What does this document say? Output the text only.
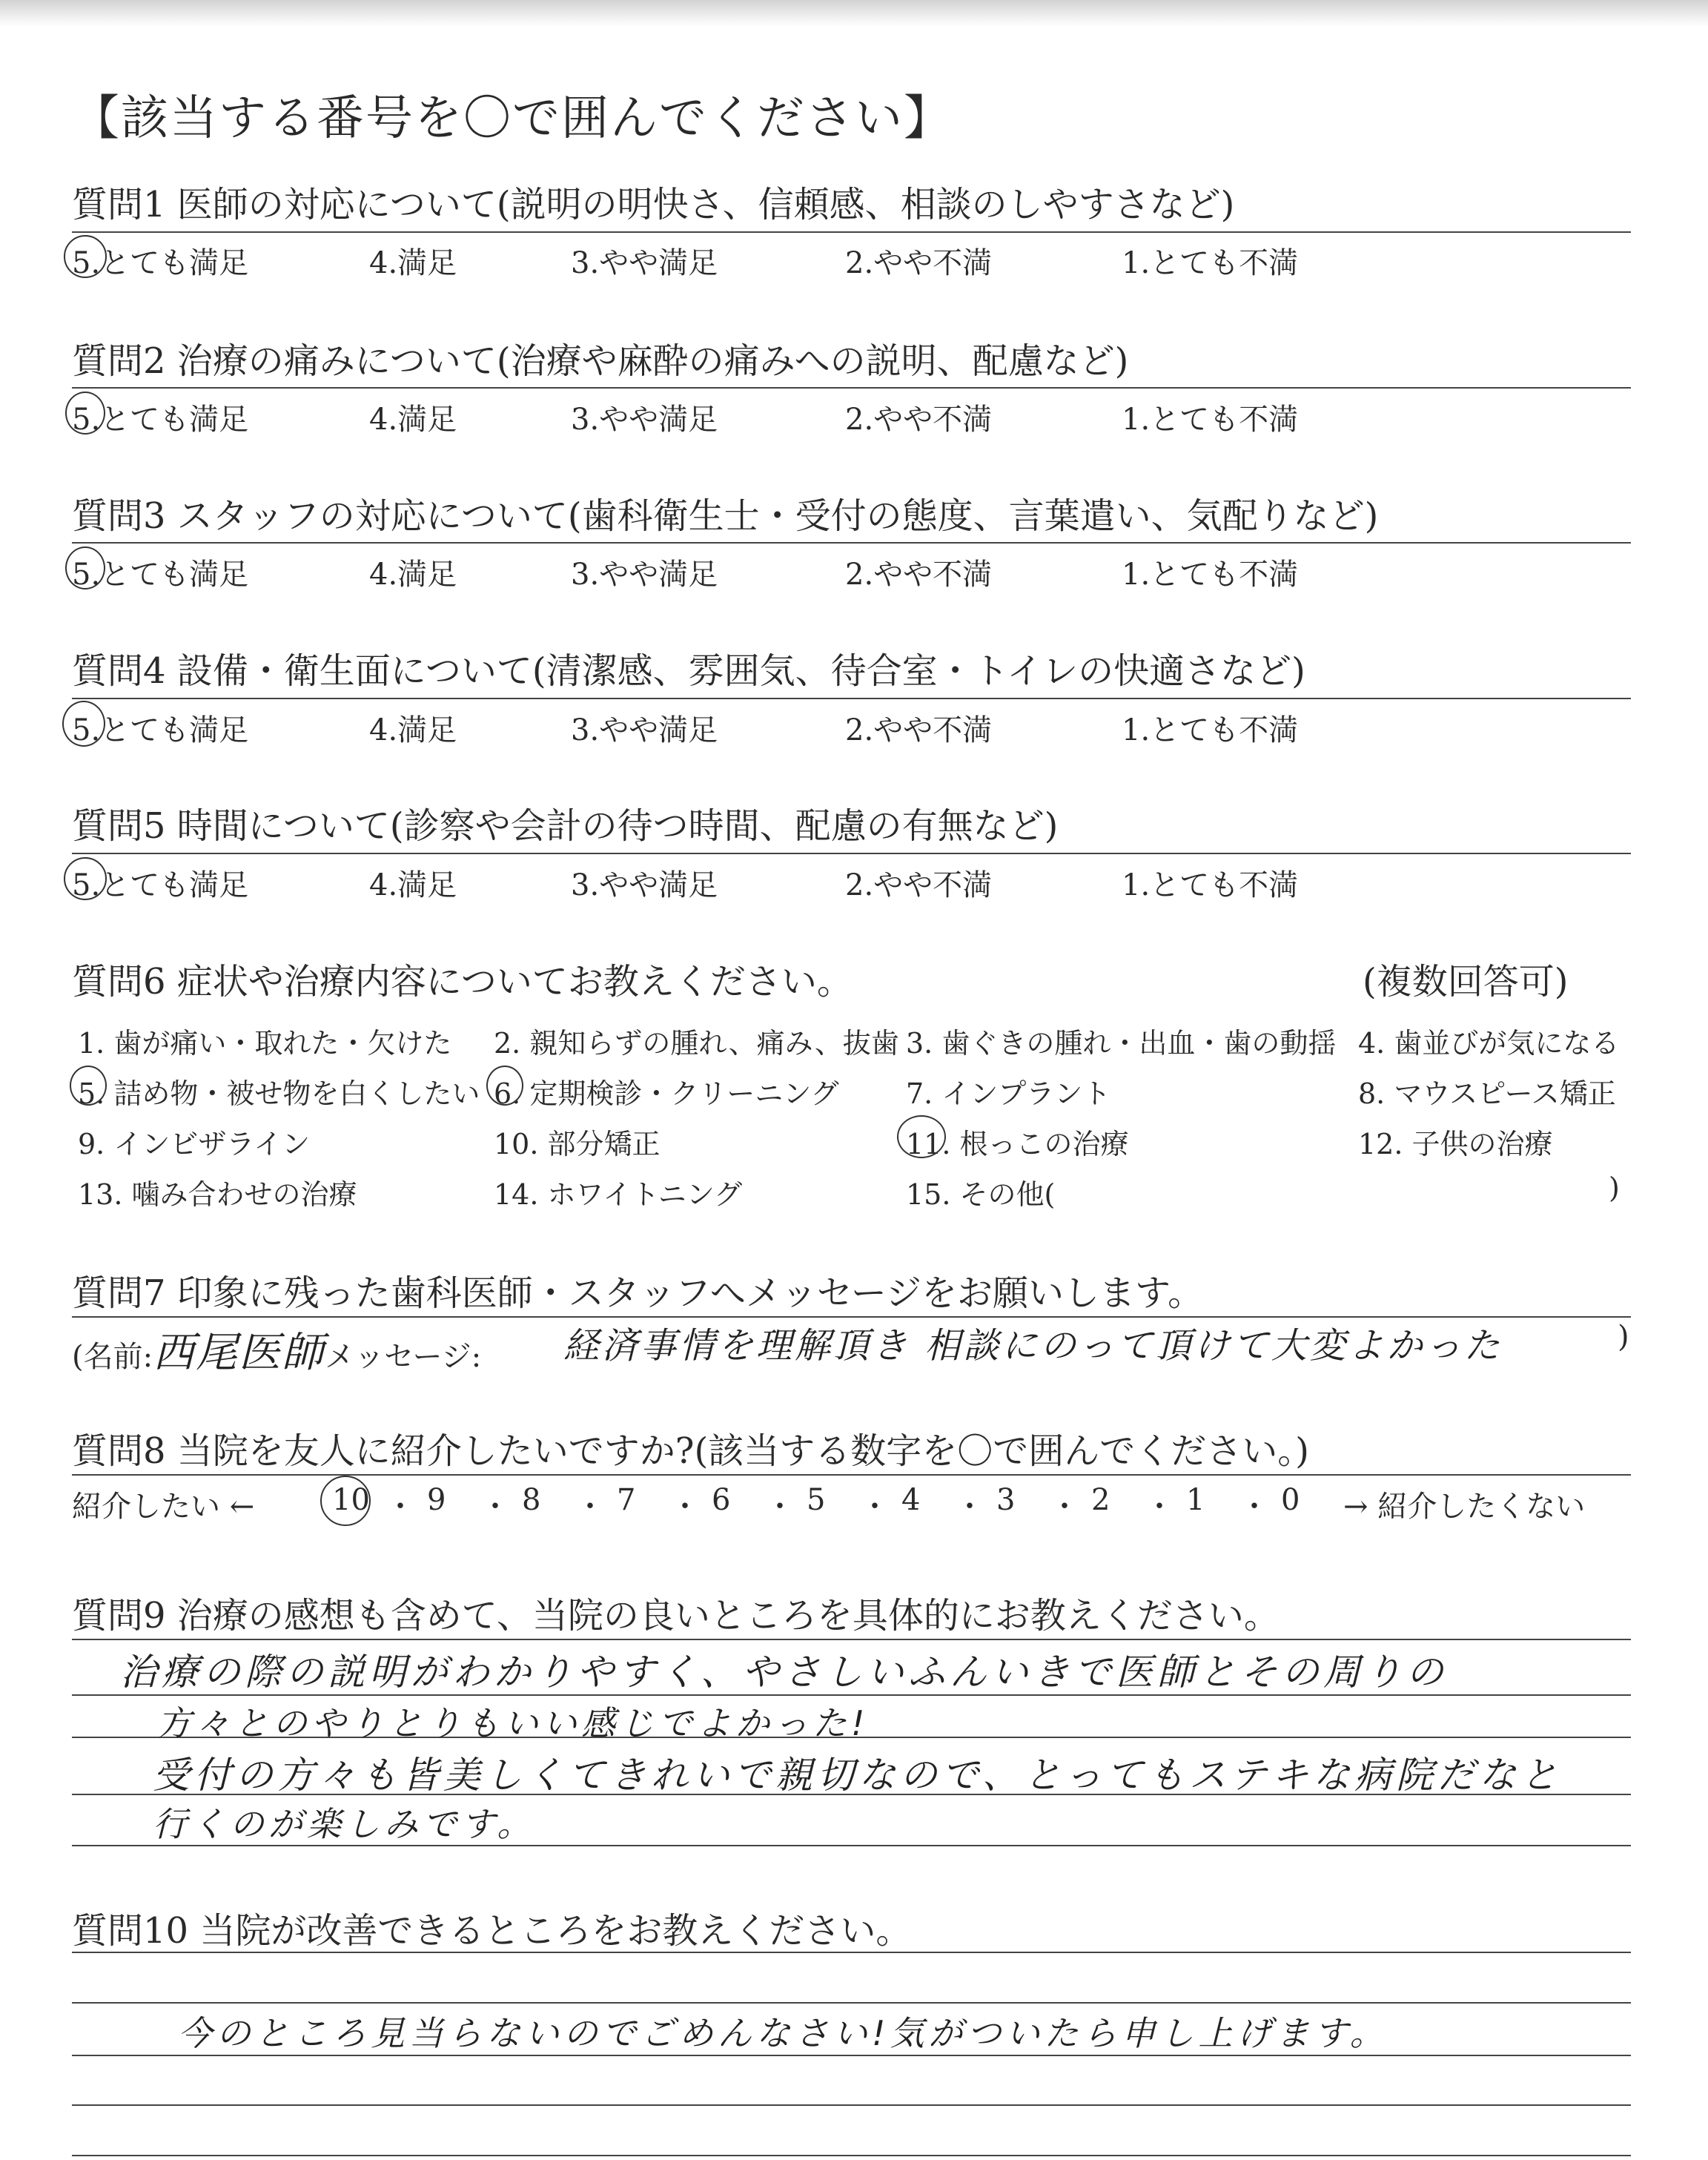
【該当する番号を〇で囲んでください】
質問1 医師の対応について(説明の明快さ、信頼感、相談のしやすさなど)
5.とても満足	4.満足	3.やや満足	2.やや不満	1.とても不満
質問2 治療の痛みについて(治療や麻酔の痛みへの説明、配慮など)
5.とても満足	4.満足	3.やや満足	2.やや不満	1.とても不満
質問3 スタッフの対応について(歯科衛生士・受付の態度、言葉遣い、気配りなど)
5.とても満足	4.満足	3.やや満足	2.やや不満	1.とても不満
質問4 設備・衛生面について(清潔感、雰囲気、待合室・トイレの快適さなど)
5.とても満足	4.満足	3.やや満足	2.やや不満	1.とても不満
質問5 時間について(診察や会計の待つ時間、配慮の有無など)
5.とても満足	4.満足	3.やや満足	2.やや不満	1.とても不満
質問6 症状や治療内容についてお教えください。	(複数回答可)
1. 歯が痛い・取れた・欠けた 2. 親知らずの腫れ、痛み、抜歯 3. 歯ぐきの腫れ・出血・歯の動揺 4. 歯並びが気になる
5. 詰め物・被せ物を白くしたい 6. 定期検診・クリーニング 7. インプラント	8. マウスピース矯正
9. インビザライン	10. 部分矯正	11. 根っこの治療	12. 子供の治療
13. 噛み合わせの治療	14. ホワイトニング	15. その他(	)
質問7 印象に残った歯科医師・スタッフへメッセージをお願いします。
(名前:西尾医師メッセージ: 経済事情を理解頂き 相談にのって頂けて大変よかった	)
質問8 当院を友人に紹介したいですか?(該当する数字を〇で囲んでください。)
紹介したい ←	10 ・ 9 ・ 8 ・ 7 ・ 6 ・ 5 ・ 4 ・ 3 ・ 2 ・ 1 ・ 0 → 紹介したくない
質問9 治療の感想も含めて、当院の良いところを具体的にお教えください。
治療の際の説明がわかりやすく、やさしいふんいきで医師とその周りの
方々とのやりとりもいい感じでよかった!
受付の方々も皆美しくてきれいで親切なので、とってもステキな病院だなと
行くのが楽しみです。
質問10 当院が改善できるところをお教えください。
今のところ見当らないのでごめんなさい!気がついたら申し上げます。
